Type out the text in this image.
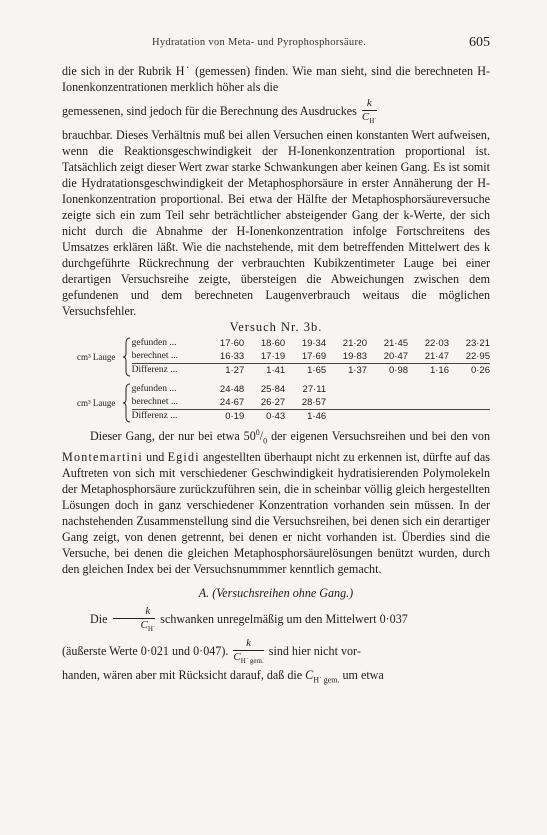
Hydratation von Meta- und Pyrophosphorsäure.	605

die sich in der Rubrik H˙ (gemessen) finden. Wie man sieht, sind die berechneten H-Ionenkonzentrationen merklich höher als die

gemessenen, sind jedoch für die Berechnung des Ausdruckes $\frac{k}{C_{H˙}}$

brauchbar. Dieses Verhältnis muß bei allen Versuchen einen konstanten Wert aufweisen, wenn die Reaktionsgeschwindigkeit der H-Ionenkonzentration proportional ist. Tatsächlich zeigt dieser Wert zwar starke Schwankungen aber keinen Gang. Es ist somit die Hydratationsgeschwindigkeit der Metaphosphorsäure in erster Annäherung der H-Ionenkonzentration proportional. Bei etwa der Hälfte der Metaphosphorsäureversuche zeigte sich ein zum Teil sehr beträchtlicher absteigender Gang der k-Werte, der sich nicht durch die Abnahme der H-Ionenkonzentration infolge Fortschreitens des Umsatzes erklären läßt. Wie die nachstehende, mit dem betreffenden Mittelwert des k durchgeführte Rückrechnung der verbrauchten Kubikzentimeter Lauge bei einer derartigen Versuchsreihe zeigte, übersteigen die Abweichungen zwischen dem gefundenen und dem berechneten Laugenverbrauch weitaus die möglichen Versuchsfehler.

Versuch Nr. 3b.

cm³ Lauge		gefunden ...	17·60	18·60	19·34	21·20	21·45	22·03	23·21
		berechnet ...	16·33	17·19	17·69	19·83	20·47	21·47	22·95
		Differenz ...	1·27	1·41	1·65	1·37	0·98	1·16	0·26

cm³ Lauge		gefunden ...	24·48	25·84	27·11				
		berechnet ...	24·67	26·27	28·57				
		Differenz ...	0·19	0·43	1·46				

Dieser Gang, der nur bei etwa $50^0/_0$ der eigenen Versuchsreihen und bei den von Montemartini und Egidi angestellten überhaupt nicht zu erkennen ist, dürfte auf das Auftreten von sich mit verschiedener Geschwindigkeit hydratisierenden Polymolekeln der Metaphosphorsäure zurückzuführen sein, die in scheinbar völlig gleich hergestellten Lösungen doch in ganz verschiedener Konzentration vorhanden sein müssen. In der nachstehenden Zusammenstellung sind die Versuchsreihen, bei denen sich ein derartiger Gang zeigt, von denen getrennt, bei denen er nicht vorhanden ist. Überdies sind die Versuche, bei denen die gleichen Metaphosphorsäurelösungen benützt wurden, durch den gleichen Index bei der Versuchsnummmer kenntlich gemacht.

A. (Versuchsreihen ohne Gang.)

Die $\frac{k}{C_{H˙}}$ schwanken unregelmäßig um den Mittelwert 0·037

(äußerste Werte 0·021 und 0·047). $\frac{k}{C_{H˙ gem.}}$ sind hier nicht vor-

handen, wären aber mit Rücksicht darauf, daß die $C_{H˙ gem.}$ um etwa
